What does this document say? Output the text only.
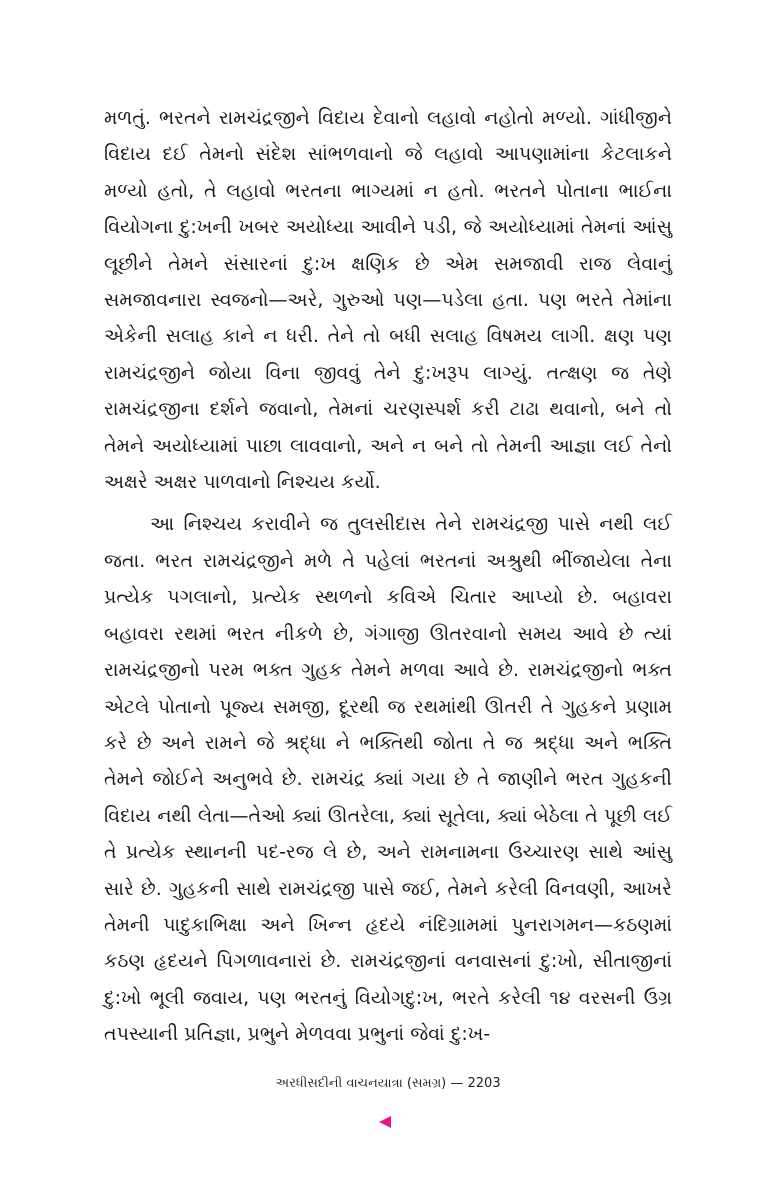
મળતું. ભરતને રામચંદ્રજીને વિદાય દેવાનો લહાવો નહોતો મળ્યો. ગાંધીજીને વિદાય દઈ તેમનો સંદેશ સાંભળવાનો જે લહાવો આપણામાંના કેટલાકને મળ્યો હતો, તે લહાવો ભરતના ભાગ્યમાં ન હતો. ભરતને પોતાના ભાઈના વિયોગના દુ:ખની ખબર અયોધ્યા આવીને પડી, જે અયોધ્યામાં તેમનાં આંસુ લૂછીને તેમને સંસારનાં દુ:ખ ક્ષણિક છે એમ સમજાવી રાજ લેવાનું સમજાવનારા સ્વજનો—અરે, ગુરુઓ પણ—પડેલા હતા. પણ ભરતે તેમાંના એકેની સલાહ કાને ન ધરી. તેને તો બધી સલાહ વિષમય લાગી. ક્ષણ પણ રામચંદ્રજીને જોયા વિના જીવવું તેને દુ:ખરૂપ લાગ્યું. તત્ક્ષણ જ તેણે રામચંદ્રજીના દર્શને જવાનો, તેમનાં ચરણસ્પર્શ કરી ટાઢા થવાનો, બને તો તેમને અયોધ્યામાં પાછા લાવવાનો, અને ન બને તો તેમની આજ્ઞા લઈ તેનો અક્ષરે અક્ષર પાળવાનો નિશ્ચય કર્યો.

આ નિશ્ચય કરાવીને જ તુલસીદાસ તેને રામચંદ્રજી પાસે નથી લઈ જતા. ભરત રામચંદ્રજીને મળે તે પહેલાં ભરતનાં અશ્રુથી ભીંજાયેલા તેના પ્રત્યેક પગલાનો, પ્રત્યેક સ્થળનો કવિએ ચિતાર આપ્યો છે. બહાવરા બહાવરા રથમાં ભરત નીકળે છે, ગંગાજી ઊતરવાનો સમય આવે છે ત્યાં રામચંદ્રજીનો પરમ ભક્ત ગુહક તેમને મળવા આવે છે. રામચંદ્રજીનો ભક્ત એટલે પોતાનો પૂજ્ય સમજી, દૂરથી જ રથમાંથી ઊતરી તે ગુહકને પ્રણામ કરે છે અને રામને જે શ્રદ્ધા ને ભક્તિથી જોતા તે જ શ્રદ્ધા અને ભક્તિ તેમને જોઈને અનુભવે છે. રામચંદ્ર ક્યાં ગયા છે તે જાણીને ભરત ગુહકની વિદાય નથી લેતા—તેઓ ક્યાં ઊતરેલા, ક્યાં સૂતેલા, ક્યાં બેઠેલા તે પૂછી લઈ તે પ્રત્યેક સ્થાનની પદ-રજ લે છે, અને રામનામના ઉચ્ચારણ સાથે આંસુ સારે છે. ગુહકની સાથે રામચંદ્રજી પાસે જઈ, તેમને કરેલી વિનવણી, આખરે તેમની પાદુકાભિક્ષા અને ખિન્ન હૃદયે નંદિગ્રામમાં પુનરાગમન—કઠણમાં કઠણ હૃદયને પિગળાવનારાં છે. રામચંદ્રજીનાં વનવાસનાં દુ:ખો, સીતાજીનાં દુ:ખો ભૂલી જવાય, પણ ભરતનું વિયોગદુ:ખ, ભરતે કરેલી ૧૪ વરસની ઉગ્ર તપસ્યાની પ્રતિજ્ઞા, પ્રભુને મેળવવા પ્રભુનાં જેવાં દુ:ખ-

અરધીસદીની વાચનયાત્રા (સમગ્ર) — 2203
